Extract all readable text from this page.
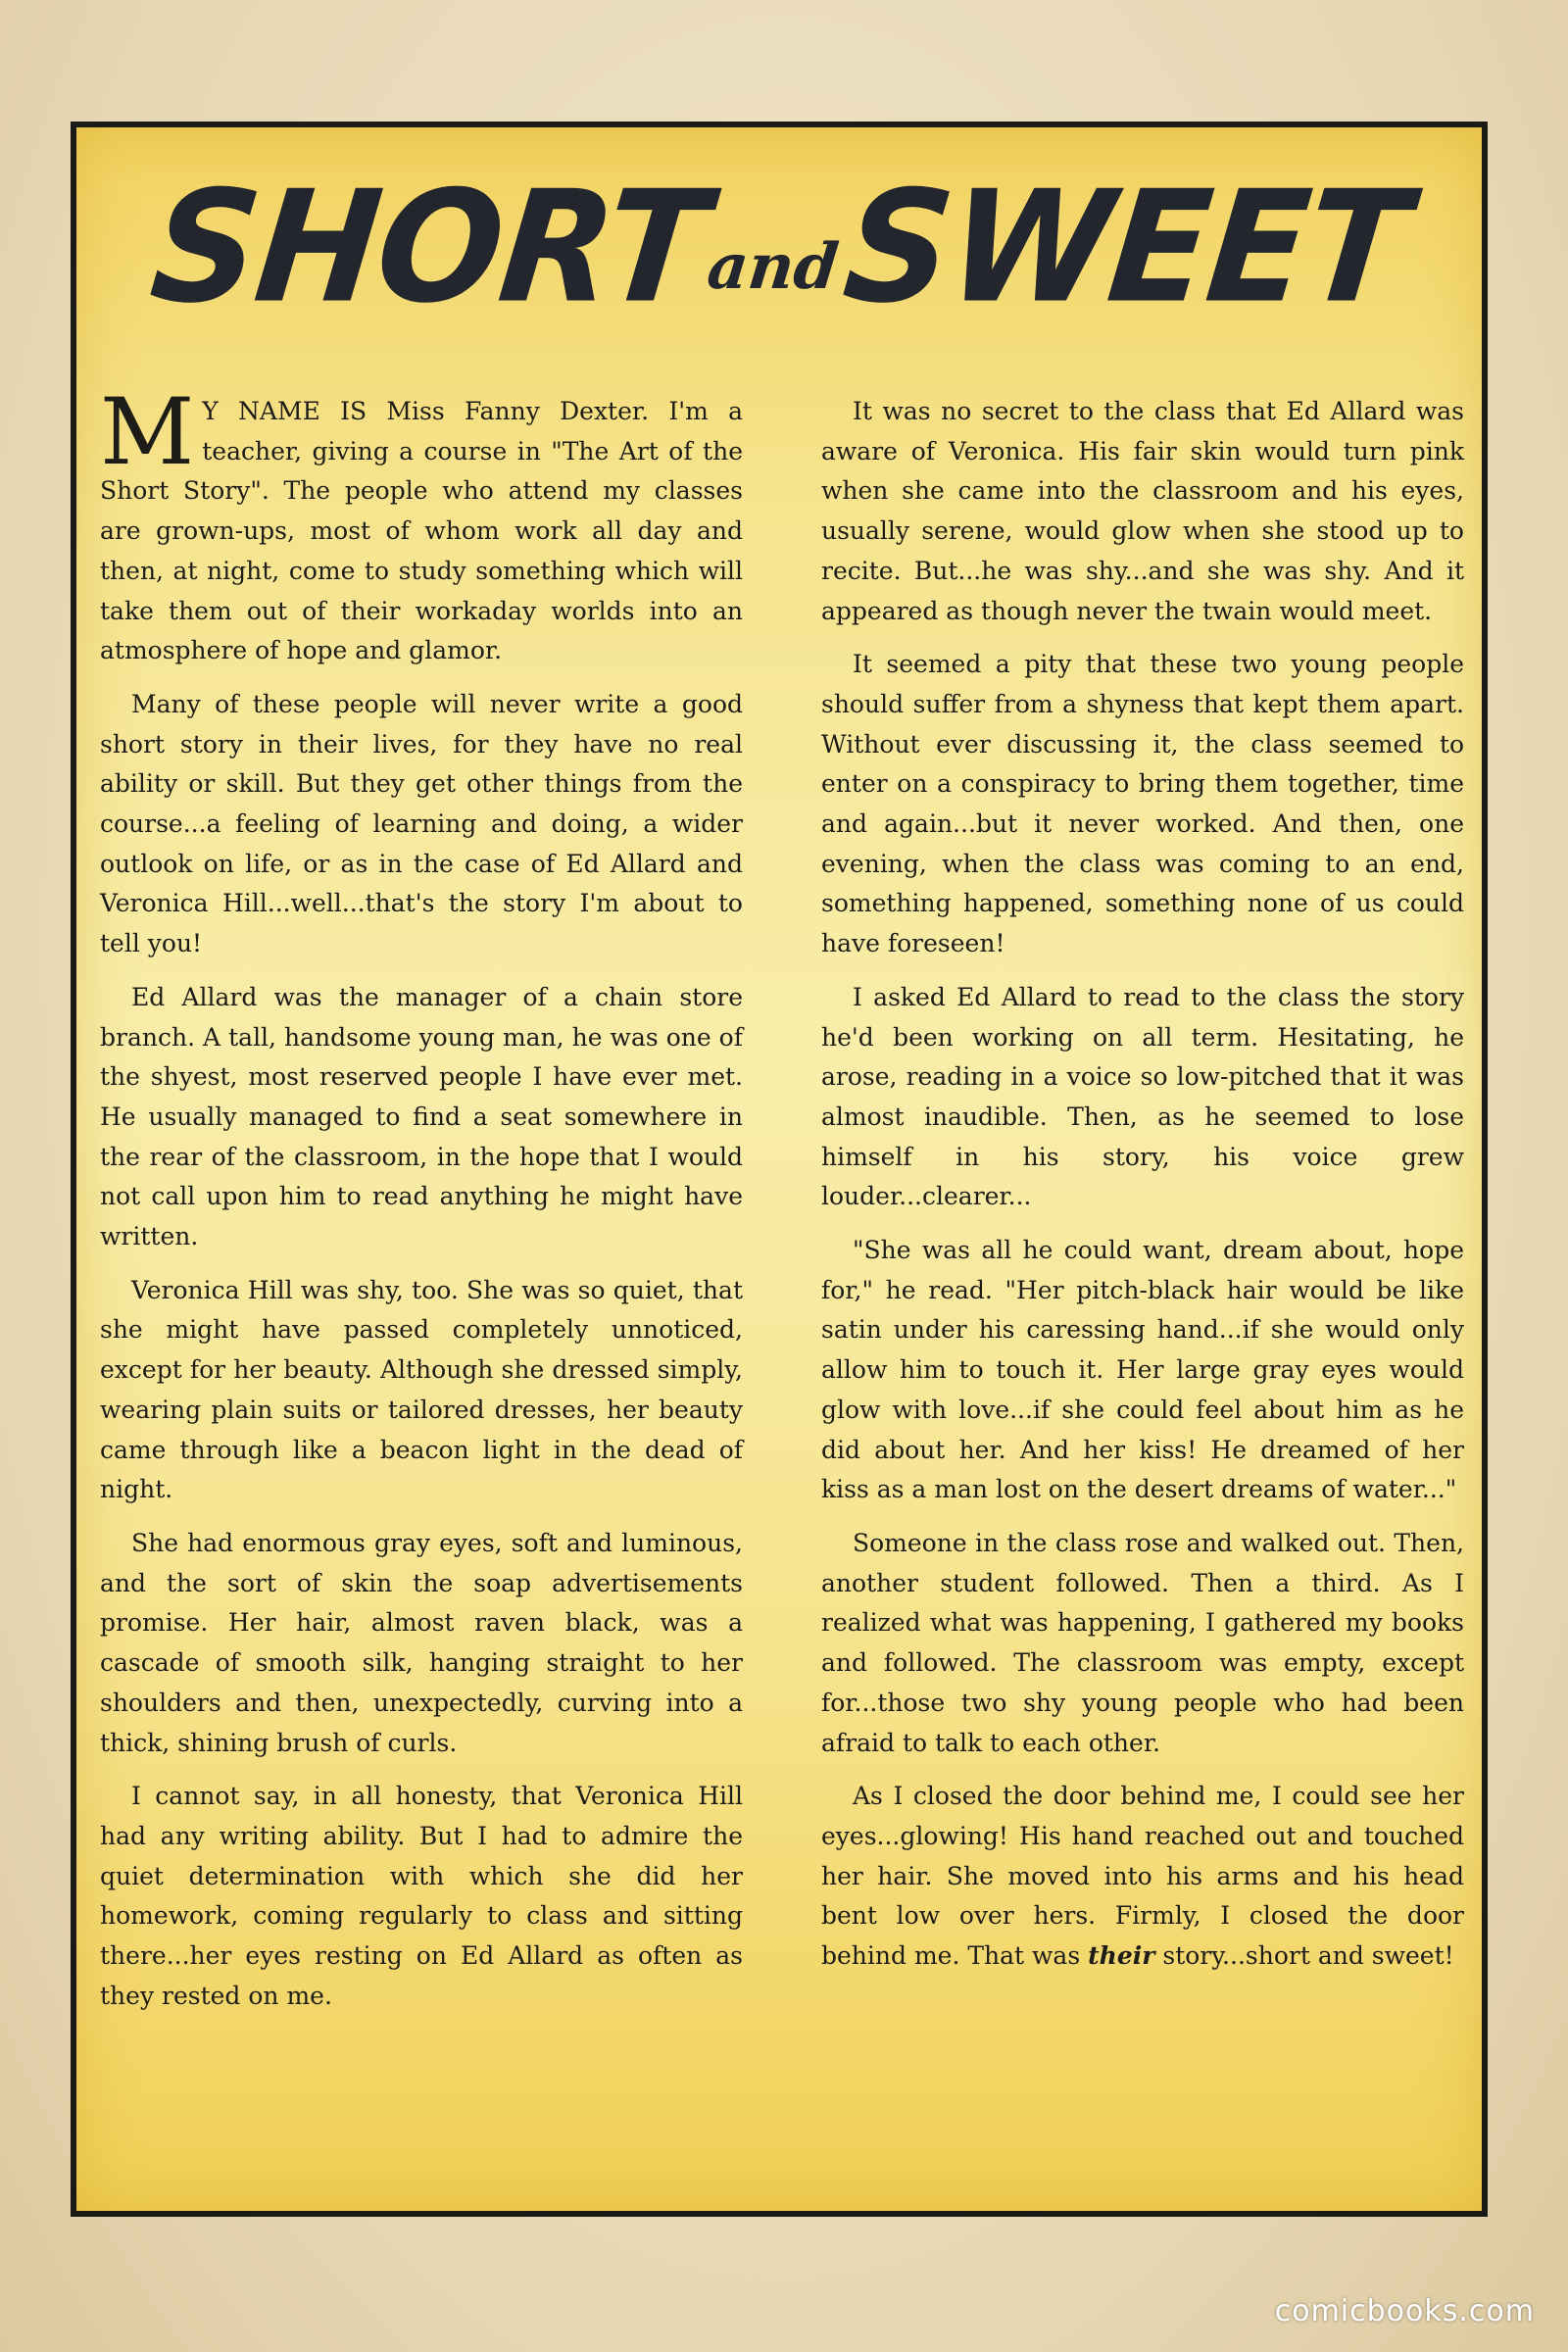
SHORTandSWEET

M Y NAME IS Miss Fanny Dexter. I'm a teacher, giving a course in "The Art of the Short Story". The people who attend my classes are grown-ups, most of whom work all day and then, at night, come to study something which will take them out of their workaday worlds into an atmosphere of hope and glamor.

Many of these people will never write a good short story in their lives, for they have no real ability or skill. But they get other things from the course...a feeling of learning and doing, a wider outlook on life, or as in the case of Ed Allard and Veronica Hill...well...that's the story I'm about to tell you!

Ed Allard was the manager of a chain store branch. A tall, handsome young man, he was one of the shyest, most reserved people I have ever met. He usually managed to find a seat somewhere in the rear of the classroom, in the hope that I would not call upon him to read anything he might have written.

Veronica Hill was shy, too. She was so quiet, that she might have passed completely unnoticed, except for her beauty. Although she dressed simply, wearing plain suits or tailored dresses, her beauty came through like a beacon light in the dead of night.

She had enormous gray eyes, soft and luminous, and the sort of skin the soap advertisements promise. Her hair, almost raven black, was a cascade of smooth silk, hanging straight to her shoulders and then, unexpectedly, curving into a thick, shining brush of curls.

I cannot say, in all honesty, that Veronica Hill had any writing ability. But I had to admire the quiet determination with which she did her homework, coming regularly to class and sitting there...her eyes resting on Ed Allard as often as they rested on me.

It was no secret to the class that Ed Allard was aware of Veronica. His fair skin would turn pink when she came into the classroom and his eyes, usually serene, would glow when she stood up to recite. But...he was shy...and she was shy. And it appeared as though never the twain would meet.

It seemed a pity that these two young people should suffer from a shyness that kept them apart. Without ever discussing it, the class seemed to enter on a conspiracy to bring them together, time and again...but it never worked. And then, one evening, when the class was coming to an end, something happened, something none of us could have foreseen!

I asked Ed Allard to read to the class the story he'd been working on all term. Hesitating, he arose, reading in a voice so low-pitched that it was almost inaudible. Then, as he seemed to lose himself in his story, his voice grew louder...clearer...

"She was all he could want, dream about, hope for," he read. "Her pitch-black hair would be like satin under his caressing hand...if she would only allow him to touch it. Her large gray eyes would glow with love...if she could feel about him as he did about her. And her kiss! He dreamed of her kiss as a man lost on the desert dreams of water..."

Someone in the class rose and walked out. Then, another student followed. Then a third. As I realized what was happening, I gathered my books and followed. The classroom was empty, except for...those two shy young people who had been afraid to talk to each other.

As I closed the door behind me, I could see her eyes...glowing! His hand reached out and touched her hair. She moved into his arms and his head bent low over hers. Firmly, I closed the door behind me. That was their story...short and sweet!

comicbooks.com
